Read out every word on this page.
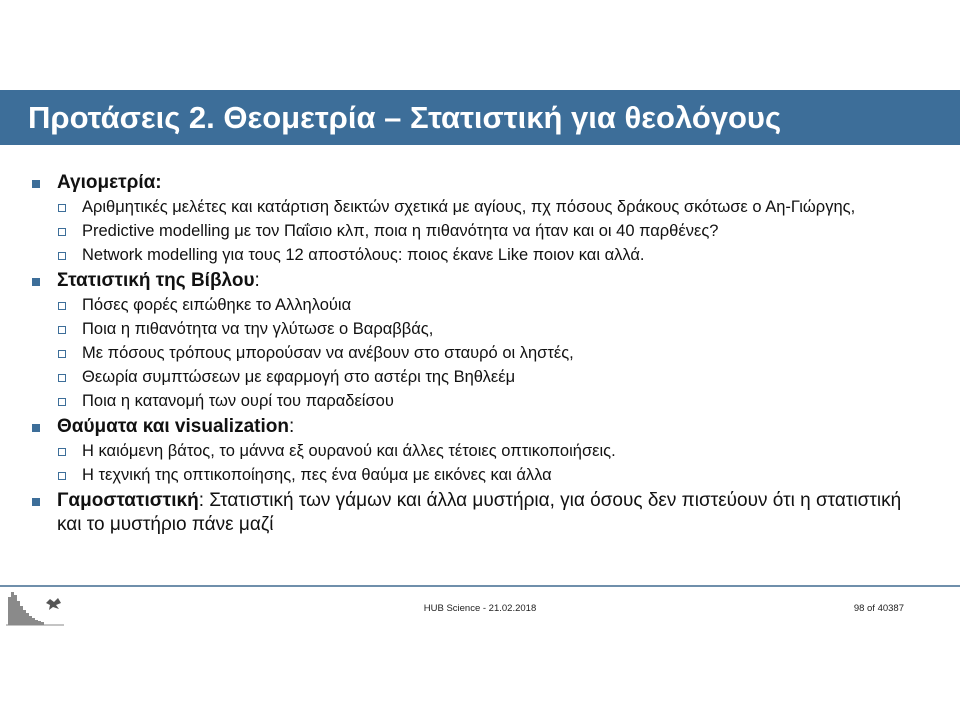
Προτάσεις 2. Θεομετρία – Στατιστική για θεολόγους
Αγιομετρία:
Αριθμητικές μελέτες και κατάρτιση δεικτών σχετικά με αγίους, πχ πόσους δράκους σκότωσε ο Αη-Γιώργης,
Predictive modelling με τον Παΐσιο κλπ, ποια η πιθανότητα να ήταν και οι 40 παρθένες?
Network modelling για τους 12 αποστόλους: ποιος έκανε Like ποιον και αλλά.
Στατιστική της Βίβλου:
Πόσες φορές ειπώθηκε το Αλληλούια
Ποια η πιθανότητα να την γλύτωσε ο Βαραββάς,
Με πόσους τρόπους μπορούσαν να ανέβουν στο σταυρό οι ληστές,
Θεωρία συμπτώσεων με εφαρμογή στο αστέρι της Βηθλεέμ
Ποια η κατανομή των ουρί του παραδείσου
Θαύματα και visualization:
Η καιόμενη βάτος, το μάννα εξ ουρανού και άλλες τέτοιες οπτικοποιήσεις.
Η τεχνική της οπτικοποίησης, πες ένα θαύμα με εικόνες και άλλα
Γαμοστατιστική: Στατιστική των γάμων και άλλα μυστήρια, για όσους δεν πιστεύουν ότι η στατιστική και το μυστήριο πάνε μαζί
HUB Science - 21.02.2018	98 of 40387
